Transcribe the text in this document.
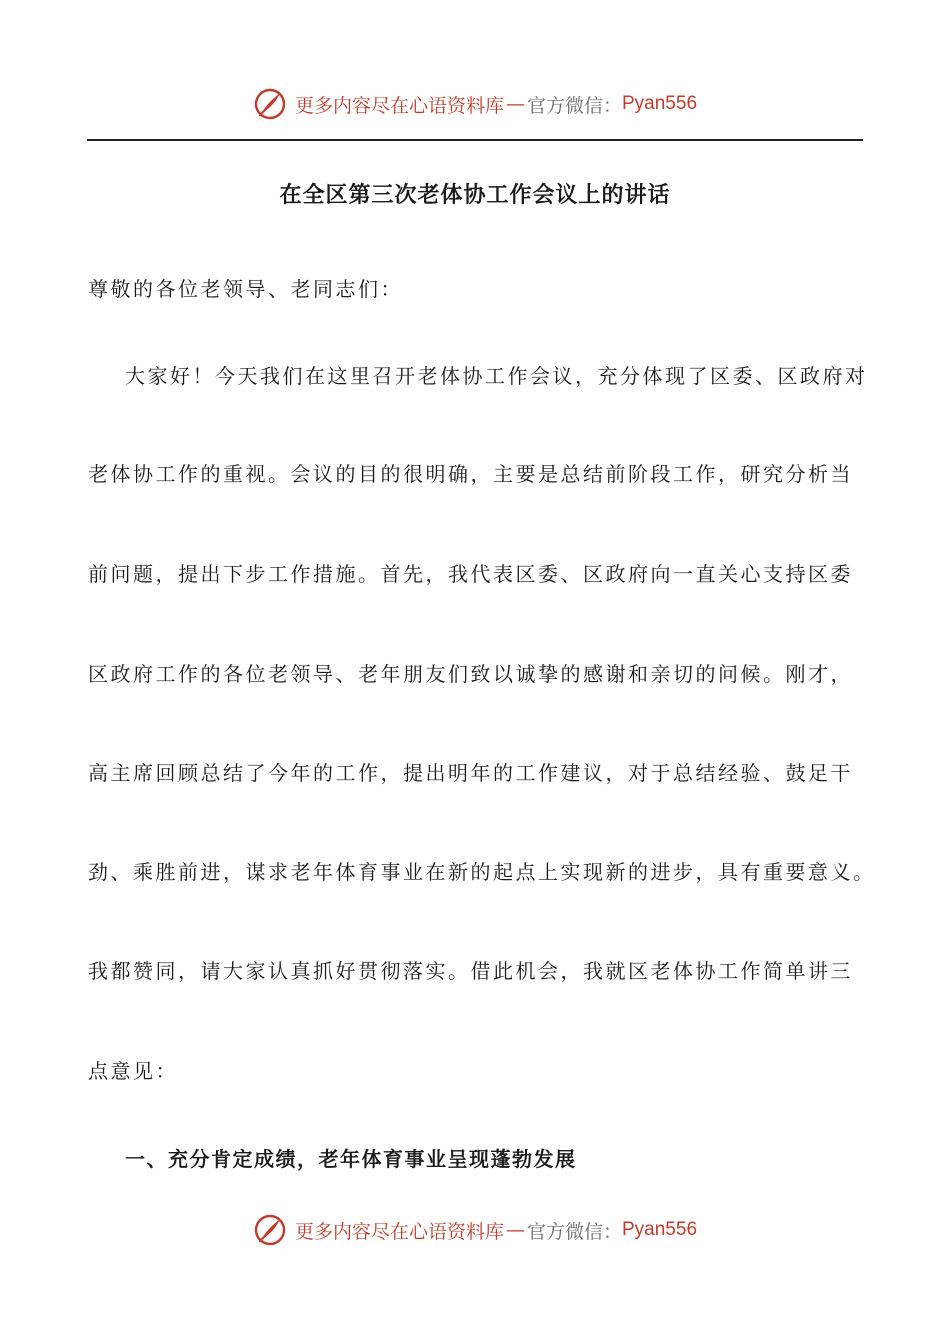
更多内容尽在心语资料库 — 官方微信： Pyan556
在全区第三次老体协工作会议上的讲话

尊敬的各位老领导、老同志们：

大家好！今天我们在这里召开老体协工作会议，充分体现了区委、区政府对

老体协工作的重视。会议的目的很明确，主要是总结前阶段工作，研究分析当

前问题，提出下步工作措施。首先，我代表区委、区政府向一直关心支持区委

区政府工作的各位老领导、老年朋友们致以诚挚的感谢和亲切的问候。刚才，

高主席回顾总结了今年的工作，提出明年的工作建议，对于总结经验、鼓足干

劲、乘胜前进，谋求老年体育事业在新的起点上实现新的进步，具有重要意义。

我都赞同，请大家认真抓好贯彻落实。借此机会，我就区老体协工作简单讲三

点意见：

一、充分肯定成绩，老年体育事业呈现蓬勃发展
更多内容尽在心语资料库 — 官方微信： Pyan556
